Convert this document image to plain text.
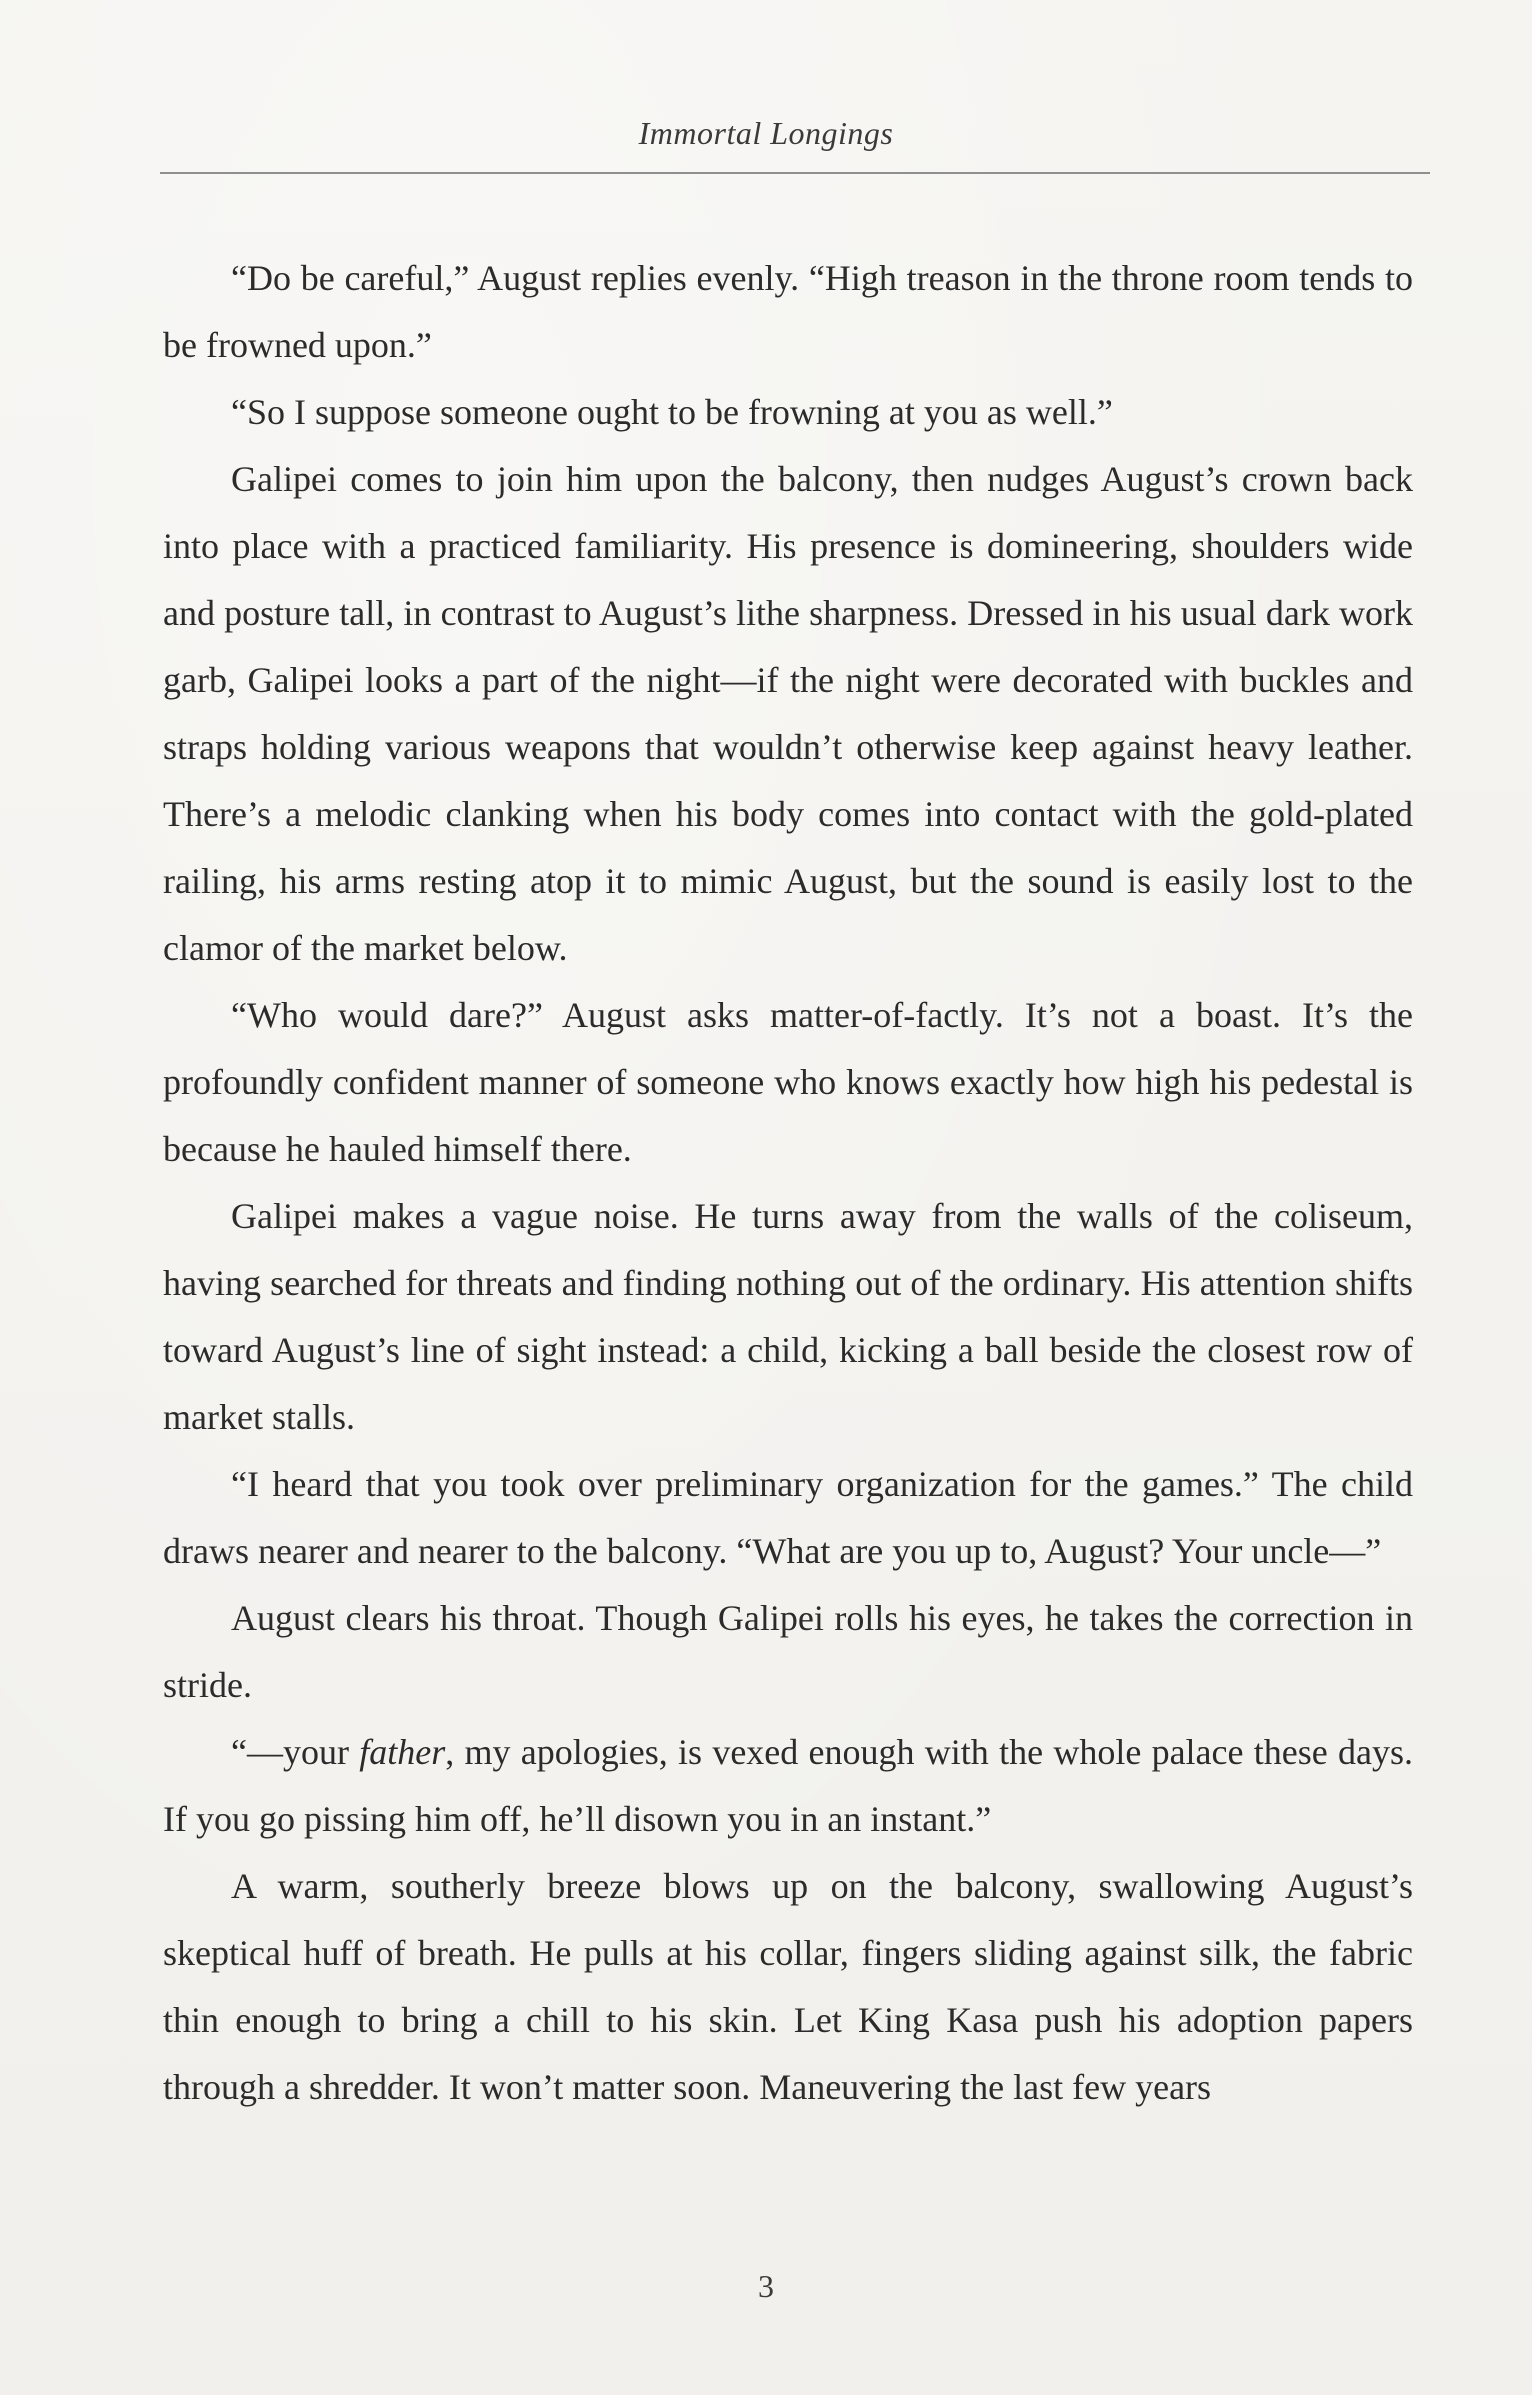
Immortal Longings

“Do be careful,” August replies evenly. “High treason in the throne room tends to be frowned upon.”

“So I suppose someone ought to be frowning at you as well.”

Galipei comes to join him upon the balcony, then nudges August’s crown back into place with a practiced familiarity. His presence is domineering, shoulders wide and posture tall, in contrast to August’s lithe sharpness. Dressed in his usual dark work garb, Galipei looks a part of the night—if the night were decorated with buckles and straps holding various weapons that wouldn’t otherwise keep against heavy leather. There’s a melodic clanking when his body comes into contact with the gold-plated railing, his arms resting atop it to mimic August, but the sound is easily lost to the clamor of the market below.

“Who would dare?” August asks matter-of-factly. It’s not a boast. It’s the profoundly confident manner of someone who knows exactly how high his pedestal is because he hauled himself there.

Galipei makes a vague noise. He turns away from the walls of the coliseum, having searched for threats and finding nothing out of the ordinary. His attention shifts toward August’s line of sight instead: a child, kicking a ball beside the closest row of market stalls.

“I heard that you took over preliminary organization for the games.” The child draws nearer and nearer to the balcony. “What are you up to, August? Your uncle—”

August clears his throat. Though Galipei rolls his eyes, he takes the correction in stride.

“—your father, my apologies, is vexed enough with the whole palace these days. If you go pissing him off, he’ll disown you in an instant.”

A warm, southerly breeze blows up on the balcony, swallowing August’s skeptical huff of breath. He pulls at his collar, fingers sliding against silk, the fabric thin enough to bring a chill to his skin. Let King Kasa push his adoption papers through a shredder. It won’t matter soon. Maneuvering the last few years

3
